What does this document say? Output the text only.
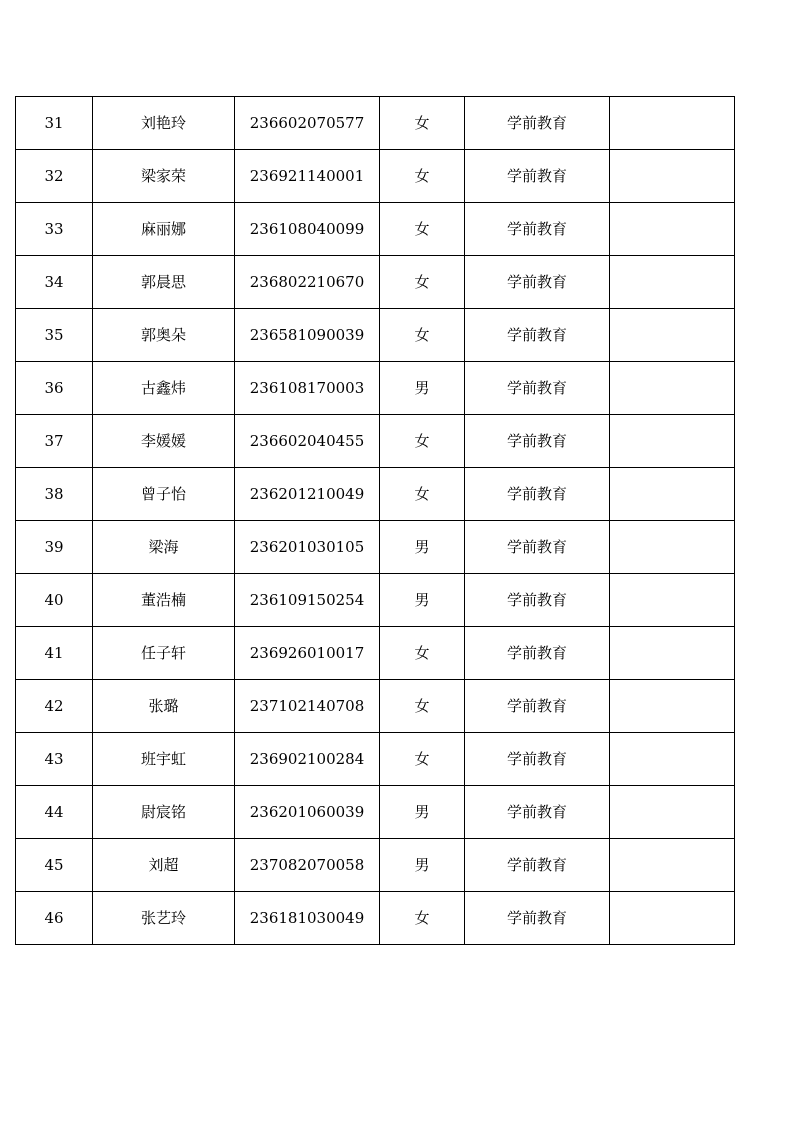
31	刘艳玲	236602070577	女	学前教育	
32	梁家荣	236921140001	女	学前教育	
33	麻丽娜	236108040099	女	学前教育	
34	郭晨思	236802210670	女	学前教育	
35	郭奥朵	236581090039	女	学前教育	
36	古鑫炜	236108170003	男	学前教育	
37	李媛媛	236602040455	女	学前教育	
38	曾子怡	236201210049	女	学前教育	
39	梁海	236201030105	男	学前教育	
40	董浩楠	236109150254	男	学前教育	
41	任子轩	236926010017	女	学前教育	
42	张璐	237102140708	女	学前教育	
43	班宇虹	236902100284	女	学前教育	
44	尉宸铭	236201060039	男	学前教育	
45	刘超	237082070058	男	学前教育	
46	张艺玲	236181030049	女	学前教育	
